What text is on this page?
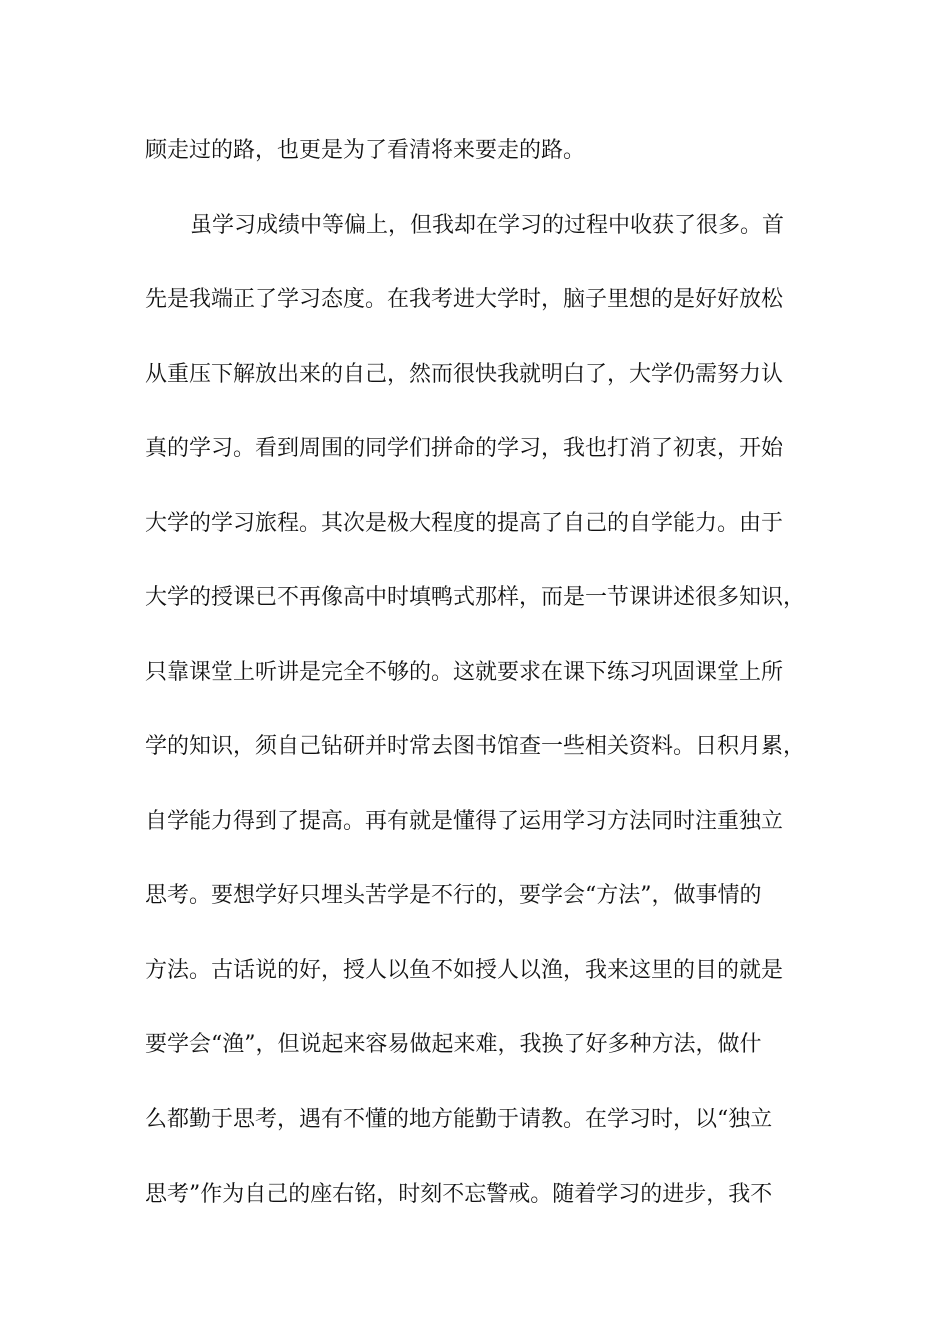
顾走过的路，也更是为了看清将来要走的路。
虽学习成绩中等偏上，但我却在学习的过程中收获了很多。首
先是我端正了学习态度。在我考进大学时，脑子里想的是好好放松
从重压下解放出来的自己，然而很快我就明白了，大学仍需努力认
真的学习。看到周围的同学们拼命的学习，我也打消了初衷，开始
大学的学习旅程。其次是极大程度的提高了自己的自学能力。由于
大学的授课已不再像高中时填鸭式那样，而是一节课讲述很多知识，
只靠课堂上听讲是完全不够的。这就要求在课下练习巩固课堂上所
学的知识，须自己钻研并时常去图书馆查一些相关资料。日积月累，
自学能力得到了提高。再有就是懂得了运用学习方法同时注重独立
思考。要想学好只埋头苦学是不行的，要学会“方法”，做事情的
方法。古话说的好，授人以鱼不如授人以渔，我来这里的目的就是
要学会“渔”，但说起来容易做起来难，我换了好多种方法，做什
么都勤于思考，遇有不懂的地方能勤于请教。在学习时，以“独立
思考”作为自己的座右铭，时刻不忘警戒。随着学习的进步，我不
